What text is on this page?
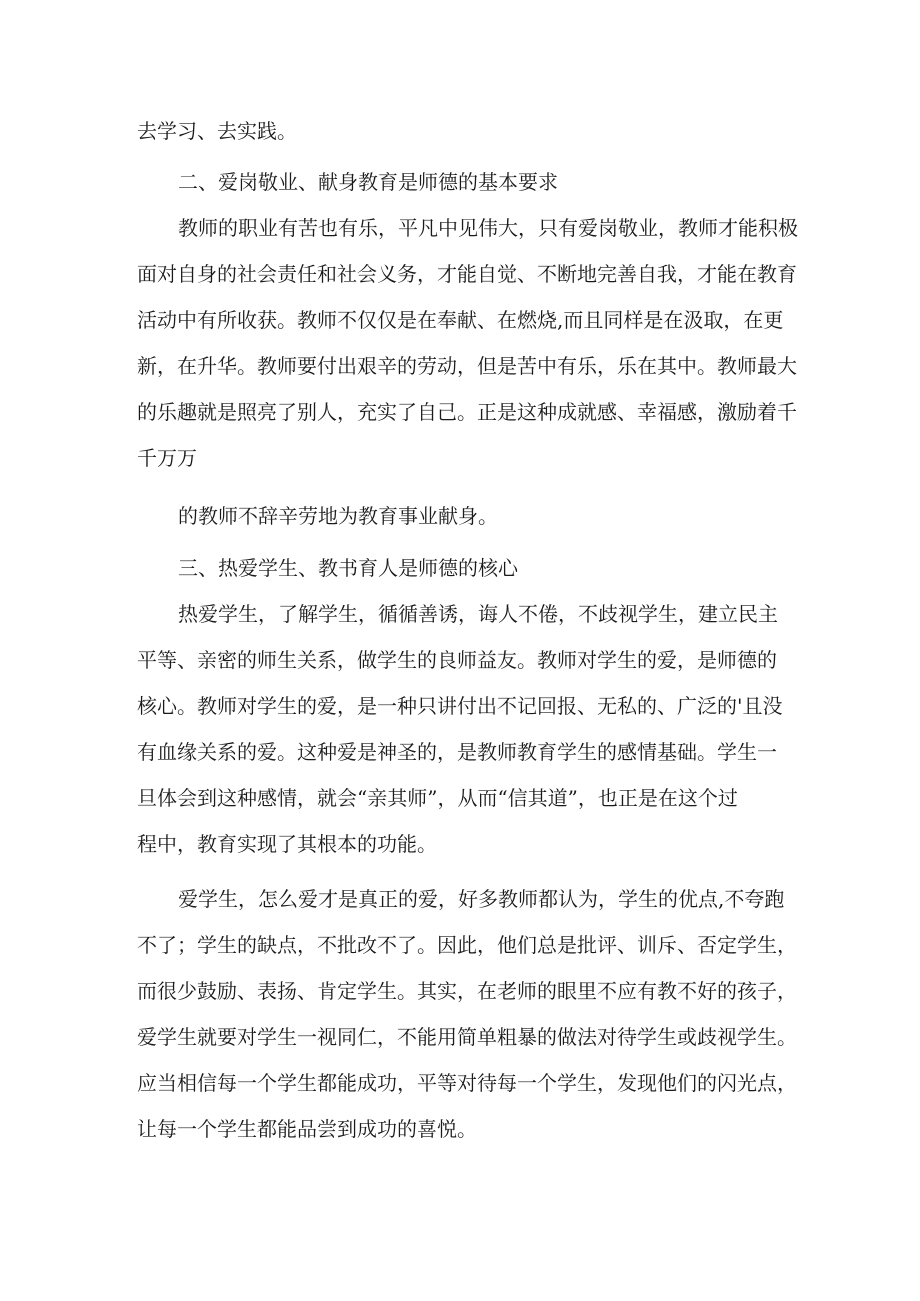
去学习、去实践。
二、爱岗敬业、献身教育是师德的基本要求
教师的职业有苦也有乐，平凡中见伟大，只有爱岗敬业，教师才能积极
面对自身的社会责任和社会义务，才能自觉、不断地完善自我，才能在教育
活动中有所收获。教师不仅仅是在奉献、在燃烧,而且同样是在汲取，在更
新，在升华。教师要付出艰辛的劳动，但是苦中有乐，乐在其中。教师最大
的乐趣就是照亮了别人，充实了自己。正是这种成就感、幸福感，激励着千
千万万
的教师不辞辛劳地为教育事业献身。
三、热爱学生、教书育人是师德的核心
热爱学生，了解学生，循循善诱，诲人不倦，不歧视学生，建立民主
平等、亲密的师生关系，做学生的良师益友。教师对学生的爱，是师德的
核心。教师对学生的爱，是一种只讲付出不记回报、无私的、广泛的'且没
有血缘关系的爱。这种爱是神圣的，是教师教育学生的感情基础。学生一
旦体会到这种感情，就会“亲其师”，从而“信其道”，也正是在这个过
程中，教育实现了其根本的功能。
爱学生，怎么爱才是真正的爱，好多教师都认为，学生的优点,不夸跑
不了；学生的缺点，不批改不了。因此，他们总是批评、训斥、否定学生，
而很少鼓励、表扬、肯定学生。其实，在老师的眼里不应有教不好的孩子，
爱学生就要对学生一视同仁，不能用简单粗暴的做法对待学生或歧视学生。
应当相信每一个学生都能成功，平等对待每一个学生，发现他们的闪光点，
让每一个学生都能品尝到成功的喜悦。
